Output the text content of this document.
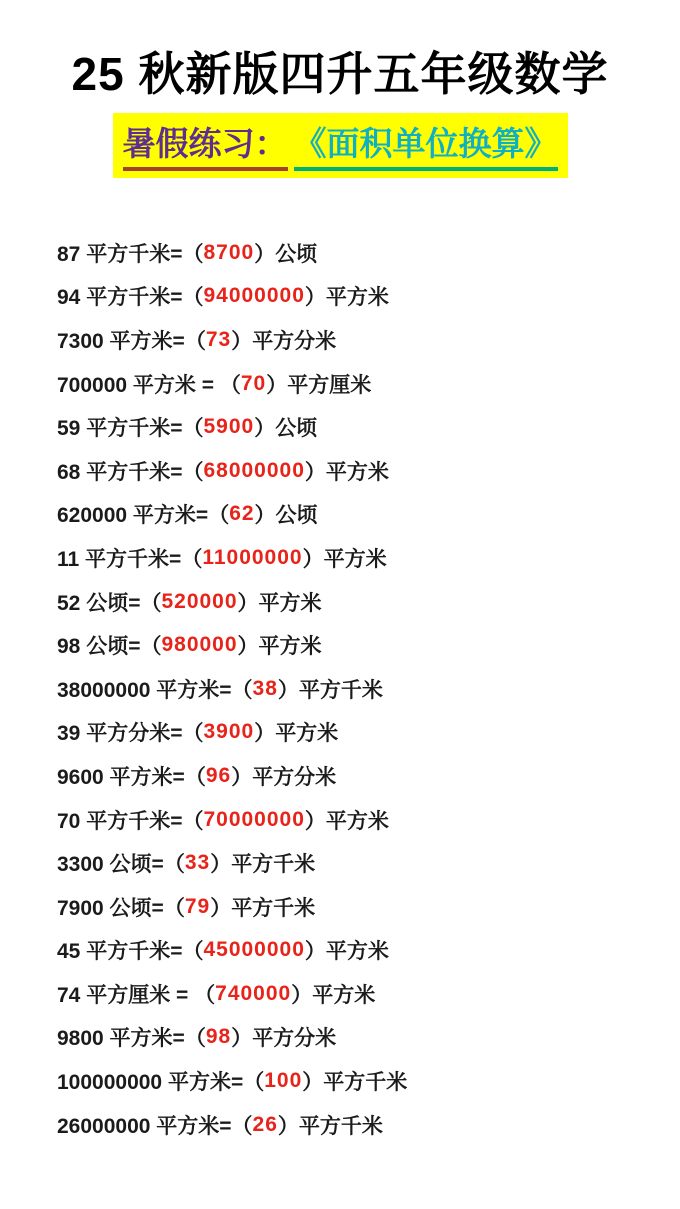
25 秋新版四升五年级数学
暑假练习： 《面积单位换算》
87 平方千米= （ 8700 ） 公顷
94 平方千米= （ 94000000 ） 平方米
7300 平方米= （ 73 ） 平方分米
700000 平方米 = （ 70 ） 平方厘米
59 平方千米= （ 5900 ） 公顷
68 平方千米= （ 68000000 ） 平方米
620000 平方米= （ 62 ） 公顷
11 平方千米= （ 11000000 ） 平方米
52 公顷= （ 520000 ） 平方米
98 公顷= （ 980000 ） 平方米
38000000 平方米= （ 38 ） 平方千米
39 平方分米= （ 3900 ） 平方米
9600 平方米= （ 96 ） 平方分米
70 平方千米= （ 70000000 ） 平方米
3300 公顷= （ 33 ） 平方千米
7900 公顷= （ 79 ） 平方千米
45 平方千米= （ 45000000 ） 平方米
74 平方厘米 = （ 740000 ） 平方米
9800 平方米= （ 98 ） 平方分米
100000000 平方米= （ 100 ） 平方千米
26000000 平方米= （ 26 ） 平方千米
